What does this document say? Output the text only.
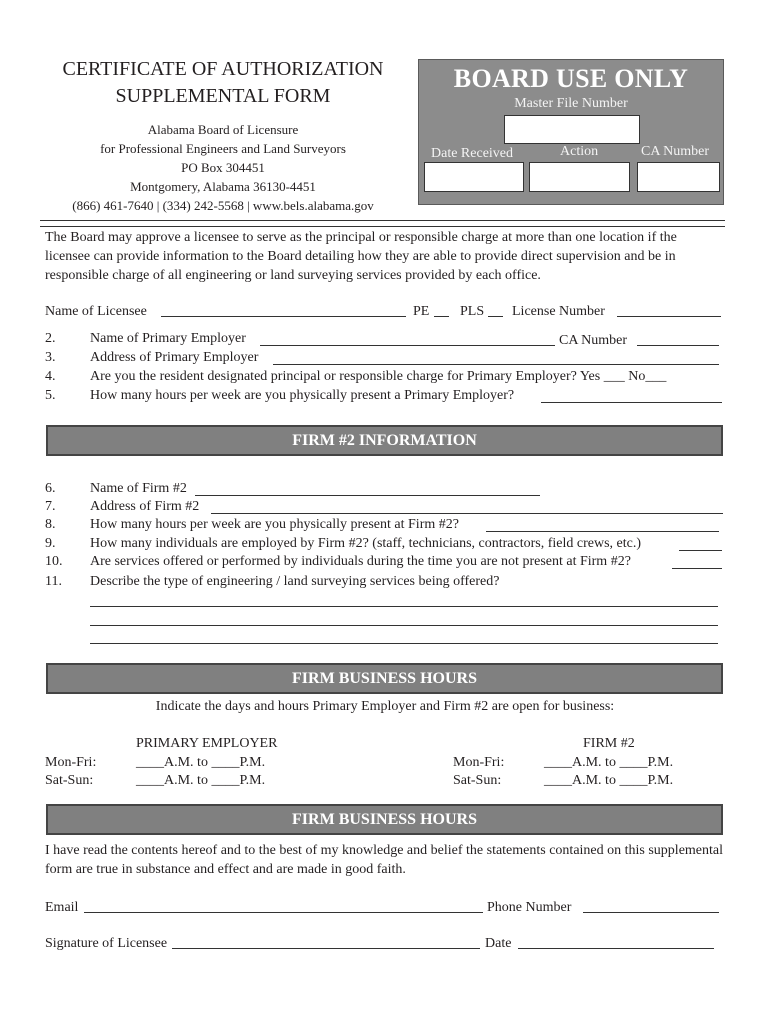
CERTIFICATE OF AUTHORIZATION
SUPPLEMENTAL FORM
Alabama Board of Licensure
for Professional Engineers and Land Surveyors
PO Box 304451
Montgomery, Alabama 36130-4451
(866) 461-7640 | (334) 242-5568 | www.bels.alabama.gov
BOARD USE ONLY
Master File Number
Date Received	Action	CA Number
The Board may approve a licensee to serve as the principal or responsible charge at more than one location if the licensee can provide information to the Board detailing how they are able to provide direct supervision and be in responsible charge of all engineering or land surveying services provided by each office.
Name of Licensee	PE PLS License Number
2. Name of Primary Employer	CA Number
3. Address of Primary Employer
4. Are you the resident designated principal or responsible charge for Primary Employer? Yes ___ No___
5. How many hours per week are you physically present a Primary Employer?
FIRM #2 INFORMATION
6. Name of Firm #2
7. Address of Firm #2
8. How many hours per week are you physically present at Firm #2?
9. How many individuals are employed by Firm #2? (staff, technicians, contractors, field crews, etc.)
10. Are services offered or performed by individuals during the time you are not present at Firm #2?
11. Describe the type of engineering / land surveying services being offered?
FIRM BUSINESS HOURS
Indicate the days and hours Primary Employer and Firm #2 are open for business:
PRIMARY EMPLOYER	FIRM #2
Mon-Fri:	____A.M. to ____P.M.
Sat-Sun:	____A.M. to ____P.M.
Mon-Fri:	____A.M. to ____P.M.
Sat-Sun:	____A.M. to ____P.M.
FIRM BUSINESS HOURS
I have read the contents hereof and to the best of my knowledge and belief the statements contained on this supplemental form are true in substance and effect and are made in good faith.
Email	Phone Number
Signature of Licensee	Date
